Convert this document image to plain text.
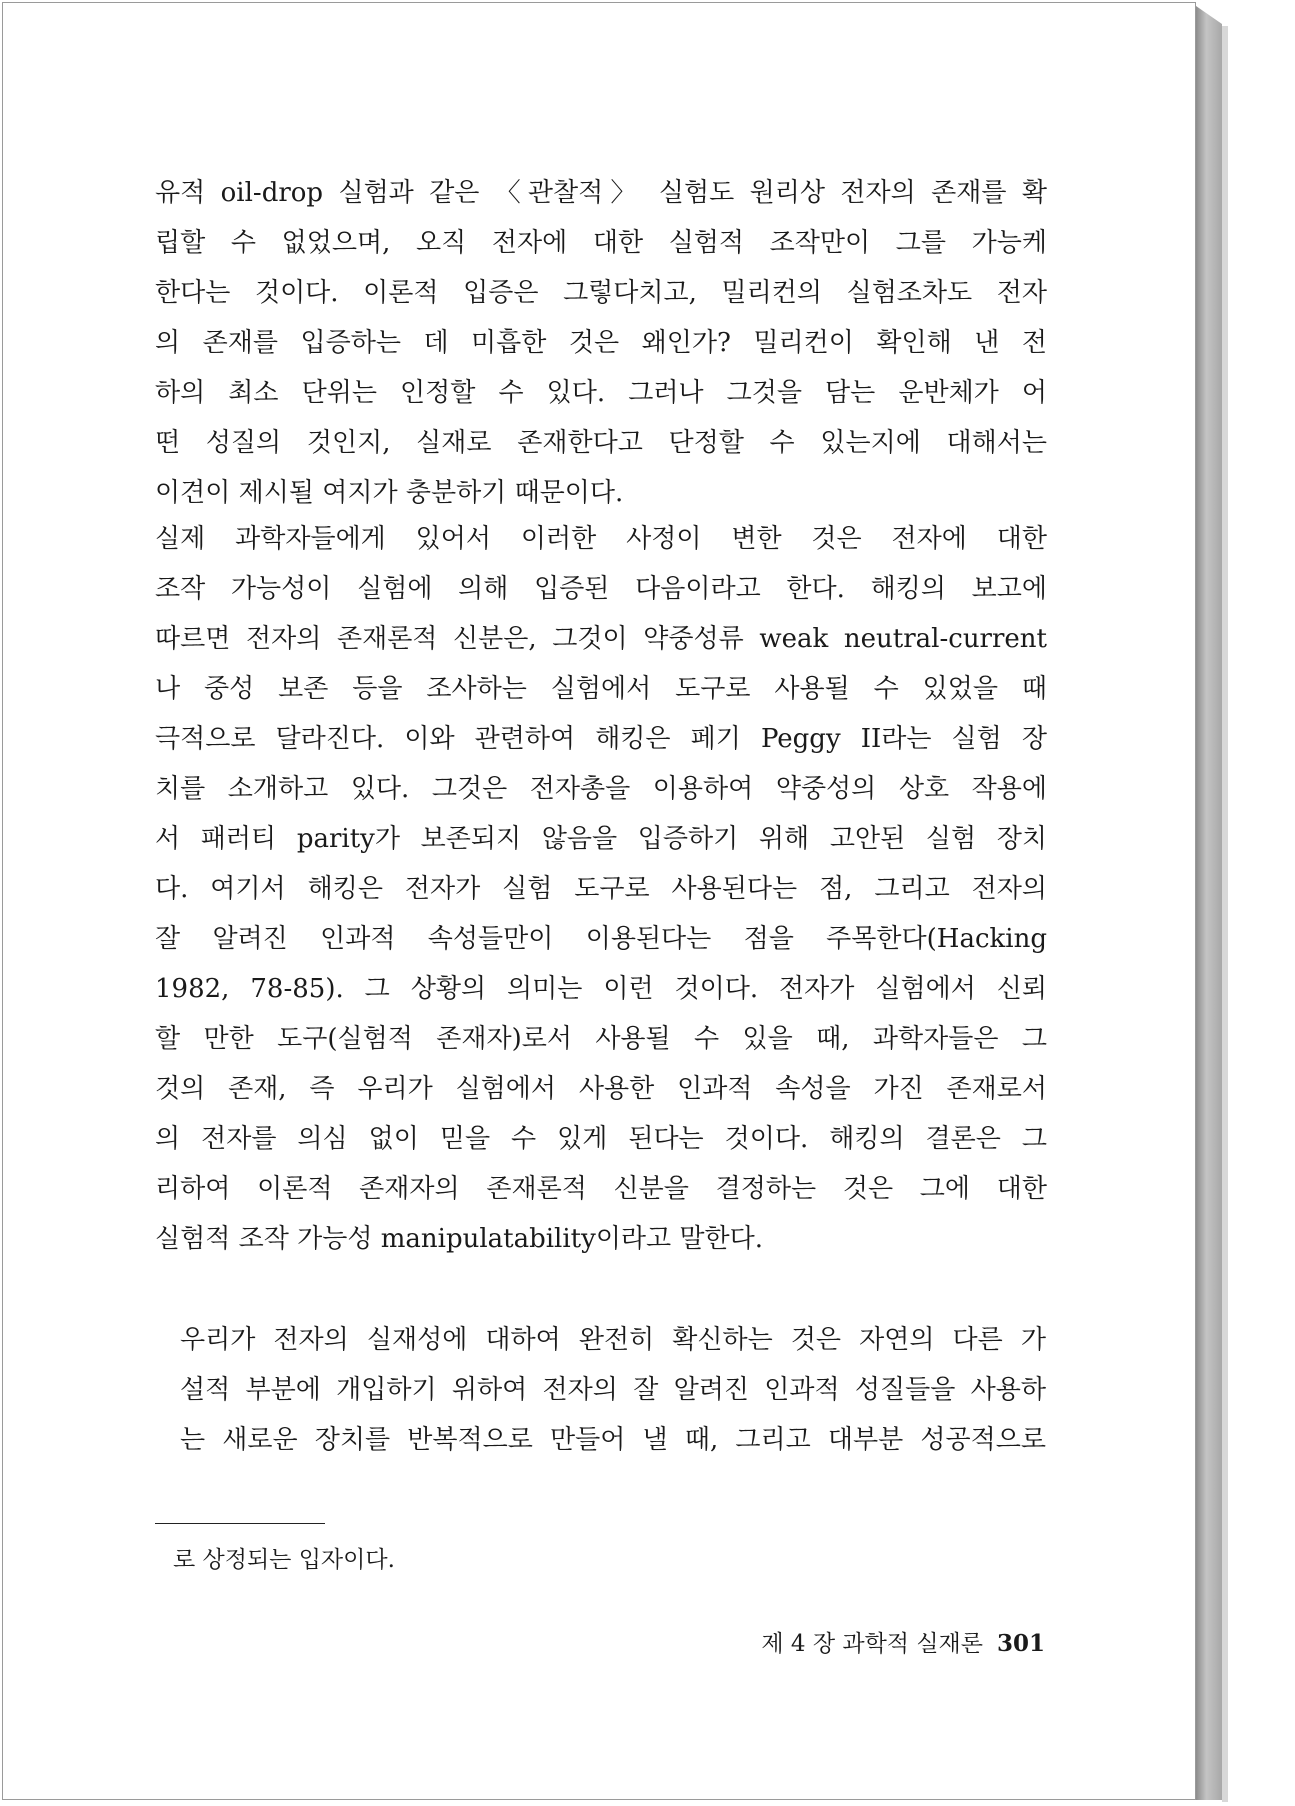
유적 oil-drop 실험과 같은 〈관찰적〉 실험도 원리상 전자의 존재를 확
립할 수 없었으며, 오직 전자에 대한 실험적 조작만이 그를 가능케
한다는 것이다. 이론적 입증은 그렇다치고, 밀리컨의 실험조차도 전자
의 존재를 입증하는 데 미흡한 것은 왜인가? 밀리컨이 확인해 낸 전
하의 최소 단위는 인정할 수 있다. 그러나 그것을 담는 운반체가 어
떤 성질의 것인지, 실재로 존재한다고 단정할 수 있는지에 대해서는
이견이 제시될 여지가 충분하기 때문이다.
실제 과학자들에게 있어서 이러한 사정이 변한 것은 전자에 대한
조작 가능성이 실험에 의해 입증된 다음이라고 한다. 해킹의 보고에
따르면 전자의 존재론적 신분은, 그것이 약중성류 weak neutral-current
나 중성 보존 등을 조사하는 실험에서 도구로 사용될 수 있었을 때
극적으로 달라진다. 이와 관련하여 해킹은 페기 Peggy II라는 실험 장
치를 소개하고 있다. 그것은 전자총을 이용하여 약중성의 상호 작용에
서 패러티 parity가 보존되지 않음을 입증하기 위해 고안된 실험 장치
다. 여기서 해킹은 전자가 실험 도구로 사용된다는 점, 그리고 전자의
잘 알려진 인과적 속성들만이 이용된다는 점을 주목한다(Hacking
1982, 78-85). 그 상황의 의미는 이런 것이다. 전자가 실험에서 신뢰
할 만한 도구(실험적 존재자)로서 사용될 수 있을 때, 과학자들은 그
것의 존재, 즉 우리가 실험에서 사용한 인과적 속성을 가진 존재로서
의 전자를 의심 없이 믿을 수 있게 된다는 것이다. 해킹의 결론은 그
리하여 이론적 존재자의 존재론적 신분을 결정하는 것은 그에 대한
실험적 조작 가능성 manipulatability이라고 말한다.
우리가 전자의 실재성에 대하여 완전히 확신하는 것은 자연의 다른 가
설적 부분에 개입하기 위하여 전자의 잘 알려진 인과적 성질들을 사용하
는 새로운 장치를 반복적으로 만들어 낼 때, 그리고 대부분 성공적으로
로 상정되는 입자이다.
제 4 장 과학적 실재론 301
